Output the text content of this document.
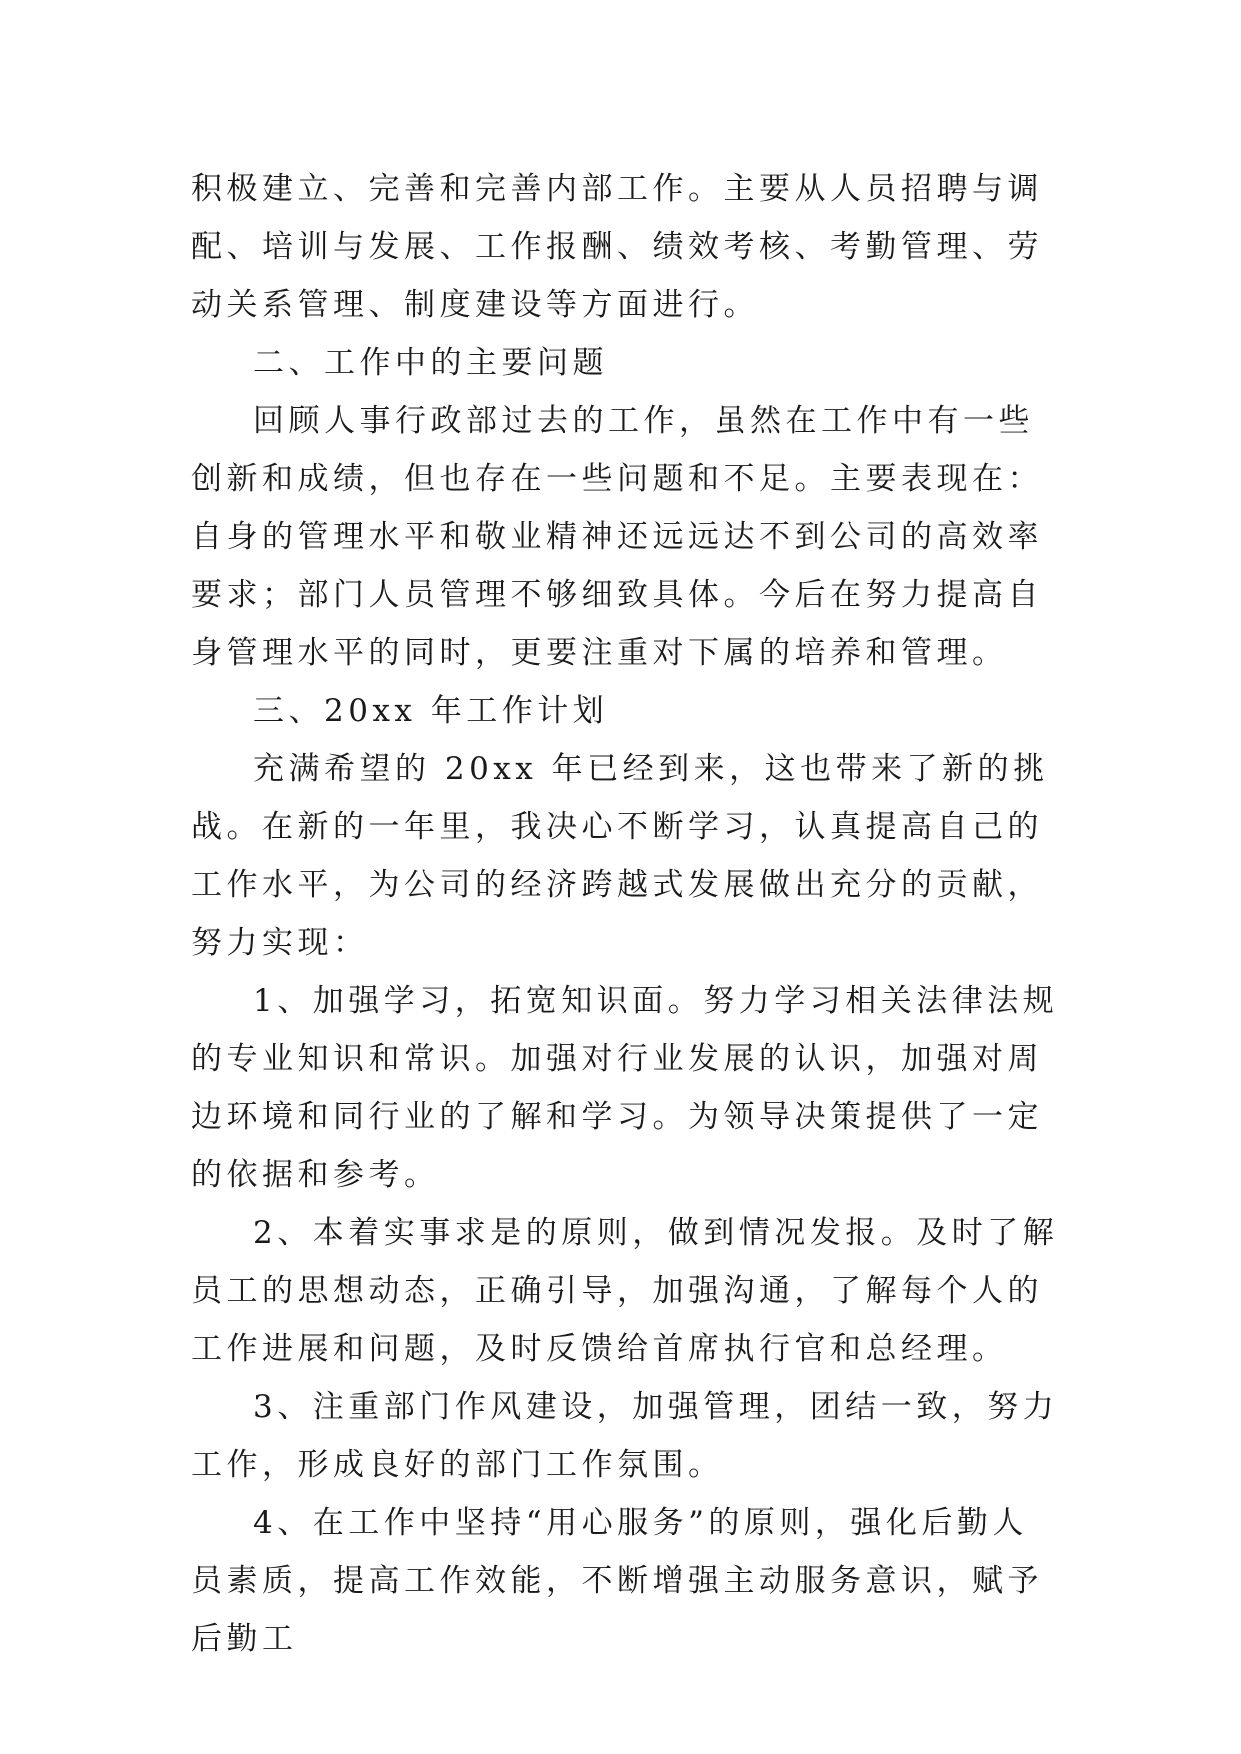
积极建立、完善和完善内部工作。主要从人员招聘与调配、培训与发展、工作报酬、绩效考核、考勤管理、劳动关系管理、制度建设等方面进行。

二、工作中的主要问题

回顾人事行政部过去的工作，虽然在工作中有一些创新和成绩，但也存在一些问题和不足。主要表现在：自身的管理水平和敬业精神还远远达不到公司的高效率要求；部门人员管理不够细致具体。今后在努力提高自身管理水平的同时，更要注重对下属的培养和管理。

三、20xx 年工作计划

充满希望的 20xx 年已经到来，这也带来了新的挑战。在新的一年里，我决心不断学习，认真提高自己的工作水平，为公司的经济跨越式发展做出充分的贡献，努力实现：

1、加强学习，拓宽知识面。努力学习相关法律法规的专业知识和常识。加强对行业发展的认识，加强对周边环境和同行业的了解和学习。为领导决策提供了一定的依据和参考。

2、本着实事求是的原则，做到情况发报。及时了解员工的思想动态，正确引导，加强沟通，了解每个人的工作进展和问题，及时反馈给首席执行官和总经理。

3、注重部门作风建设，加强管理，团结一致，努力工作，形成良好的部门工作氛围。

4、在工作中坚持“用心服务”的原则，强化后勤人员素质，提高工作效能，不断增强主动服务意识，赋予后勤工
